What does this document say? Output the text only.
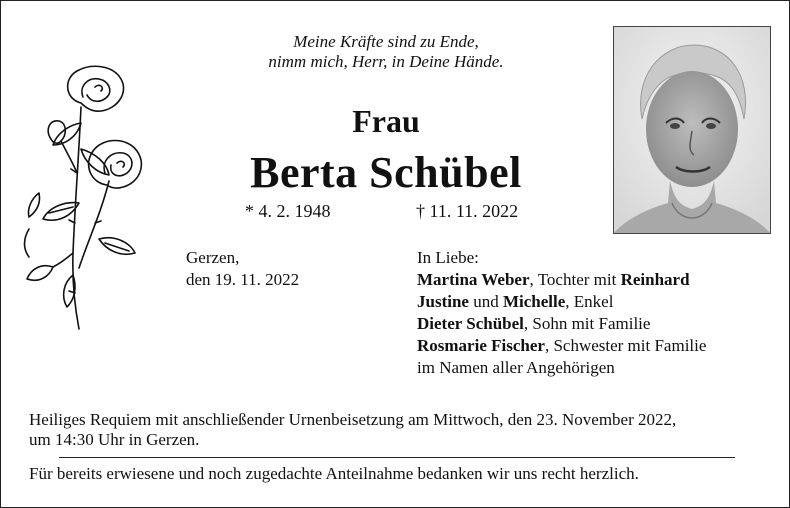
Meine Kräfte sind zu Ende,
nimm mich, Herr, in Deine Hände.
Frau
Berta Schübel
* 4. 2. 1948	† 11. 11. 2022
Gerzen,
den 19. 11. 2022
In Liebe:
Martina Weber, Tochter mit Reinhard
Justine und Michelle, Enkel
Dieter Schübel, Sohn mit Familie
Rosmarie Fischer, Schwester mit Familie
im Namen aller Angehörigen
Heiliges Requiem mit anschließender Urnenbeisetzung am Mittwoch, den 23. November 2022,
um 14:30 Uhr in Gerzen.
Für bereits erwiesene und noch zugedachte Anteilnahme bedanken wir uns recht herzlich.
